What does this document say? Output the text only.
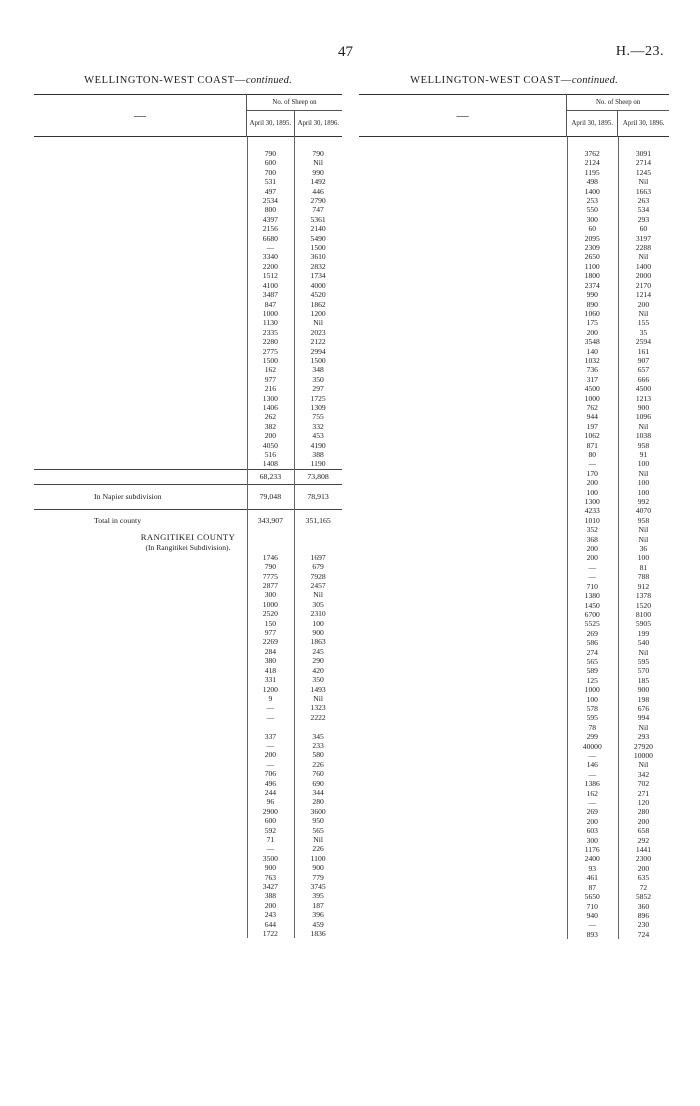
47	H.—23.
WELLINGTON-WEST COAST—continued.
—	No. of Sheep on	
	April 30, 1895.	April 30, 1896.
790	790
600	Nil
700	990
531	1492
497	446
2534	2790
800	747
4397	5361
2156	2140
6680	5490
—	1500
3340	3610
2200	2832
1512	1734
4100	4000
3487	4520
847	1862
1000	1200
1130	Nil
2335	2023
2280	2122
2775	2994
1500	1500
162	348
977	350
216	297
1300	1725
1406	1309
262	755
382	332
200	453
4050	4190
516	388
1408	1190
68,233	73,808
In Napier subdivision	79,048	78,913
Total in county	343,907	351,165
RANGITIKEI COUNTY
(In Rangitikei Subdivision).
1746	1697
790	679
7775	7928
2877	2457
300	Nil
1000	305
2520	2310
150	100
977	900
2269	1863
284	245
380	290
418	420
331	350
1200	1493
9	Nil
—	1323
—	2222
337	345
—	233
200	580
—	226
706	760
496	690
244	344
96	280
2900	3600
600	950
592	565
71	Nil
—	226
3500	1100
900	900
763	779
3427	3745
388	395
200	187
243	396
644	459
1722	1836
WELLINGTON-WEST COAST—continued.
—	No. of Sheep on	
	April 30, 1895.	April 30, 1896.
3762	3091
2124	2714
1195	1245
498	Nil
1400	1663
253	263
550	534
300	293
60	60
2095	3197
2309	2288
2650	Nil
1100	1400
1800	2000
2374	2170
990	1214
890	200
1060	Nil
175	155
200	35
3548	2594
140	161
1032	907
736	657
317	666
4500	4500
1000	1213
762	900
944	1096
197	Nil
1062	1038
871	958
80	91
—	100
170	Nil
200	100
100	100
1300	992
4233	4070
1010	958
352	Nil
368	Nil
200	36
200	100
—	81
—	788
710	912
1380	1378
1450	1520
6700	8100
5525	5905
269	199
586	540
274	Nil
565	595
589	570
125	185
1000	900
100	198
578	676
595	994
78	Nil
299	293
40000	27920
—	10000
146	Nil
—	342
1386	702
162	271
—	120
269	280
200	200
603	658
300	292
1176	1441
2400	2300
93	200
461	635
87	72
5650	5852
710	360
940	896
—	230
893	724
